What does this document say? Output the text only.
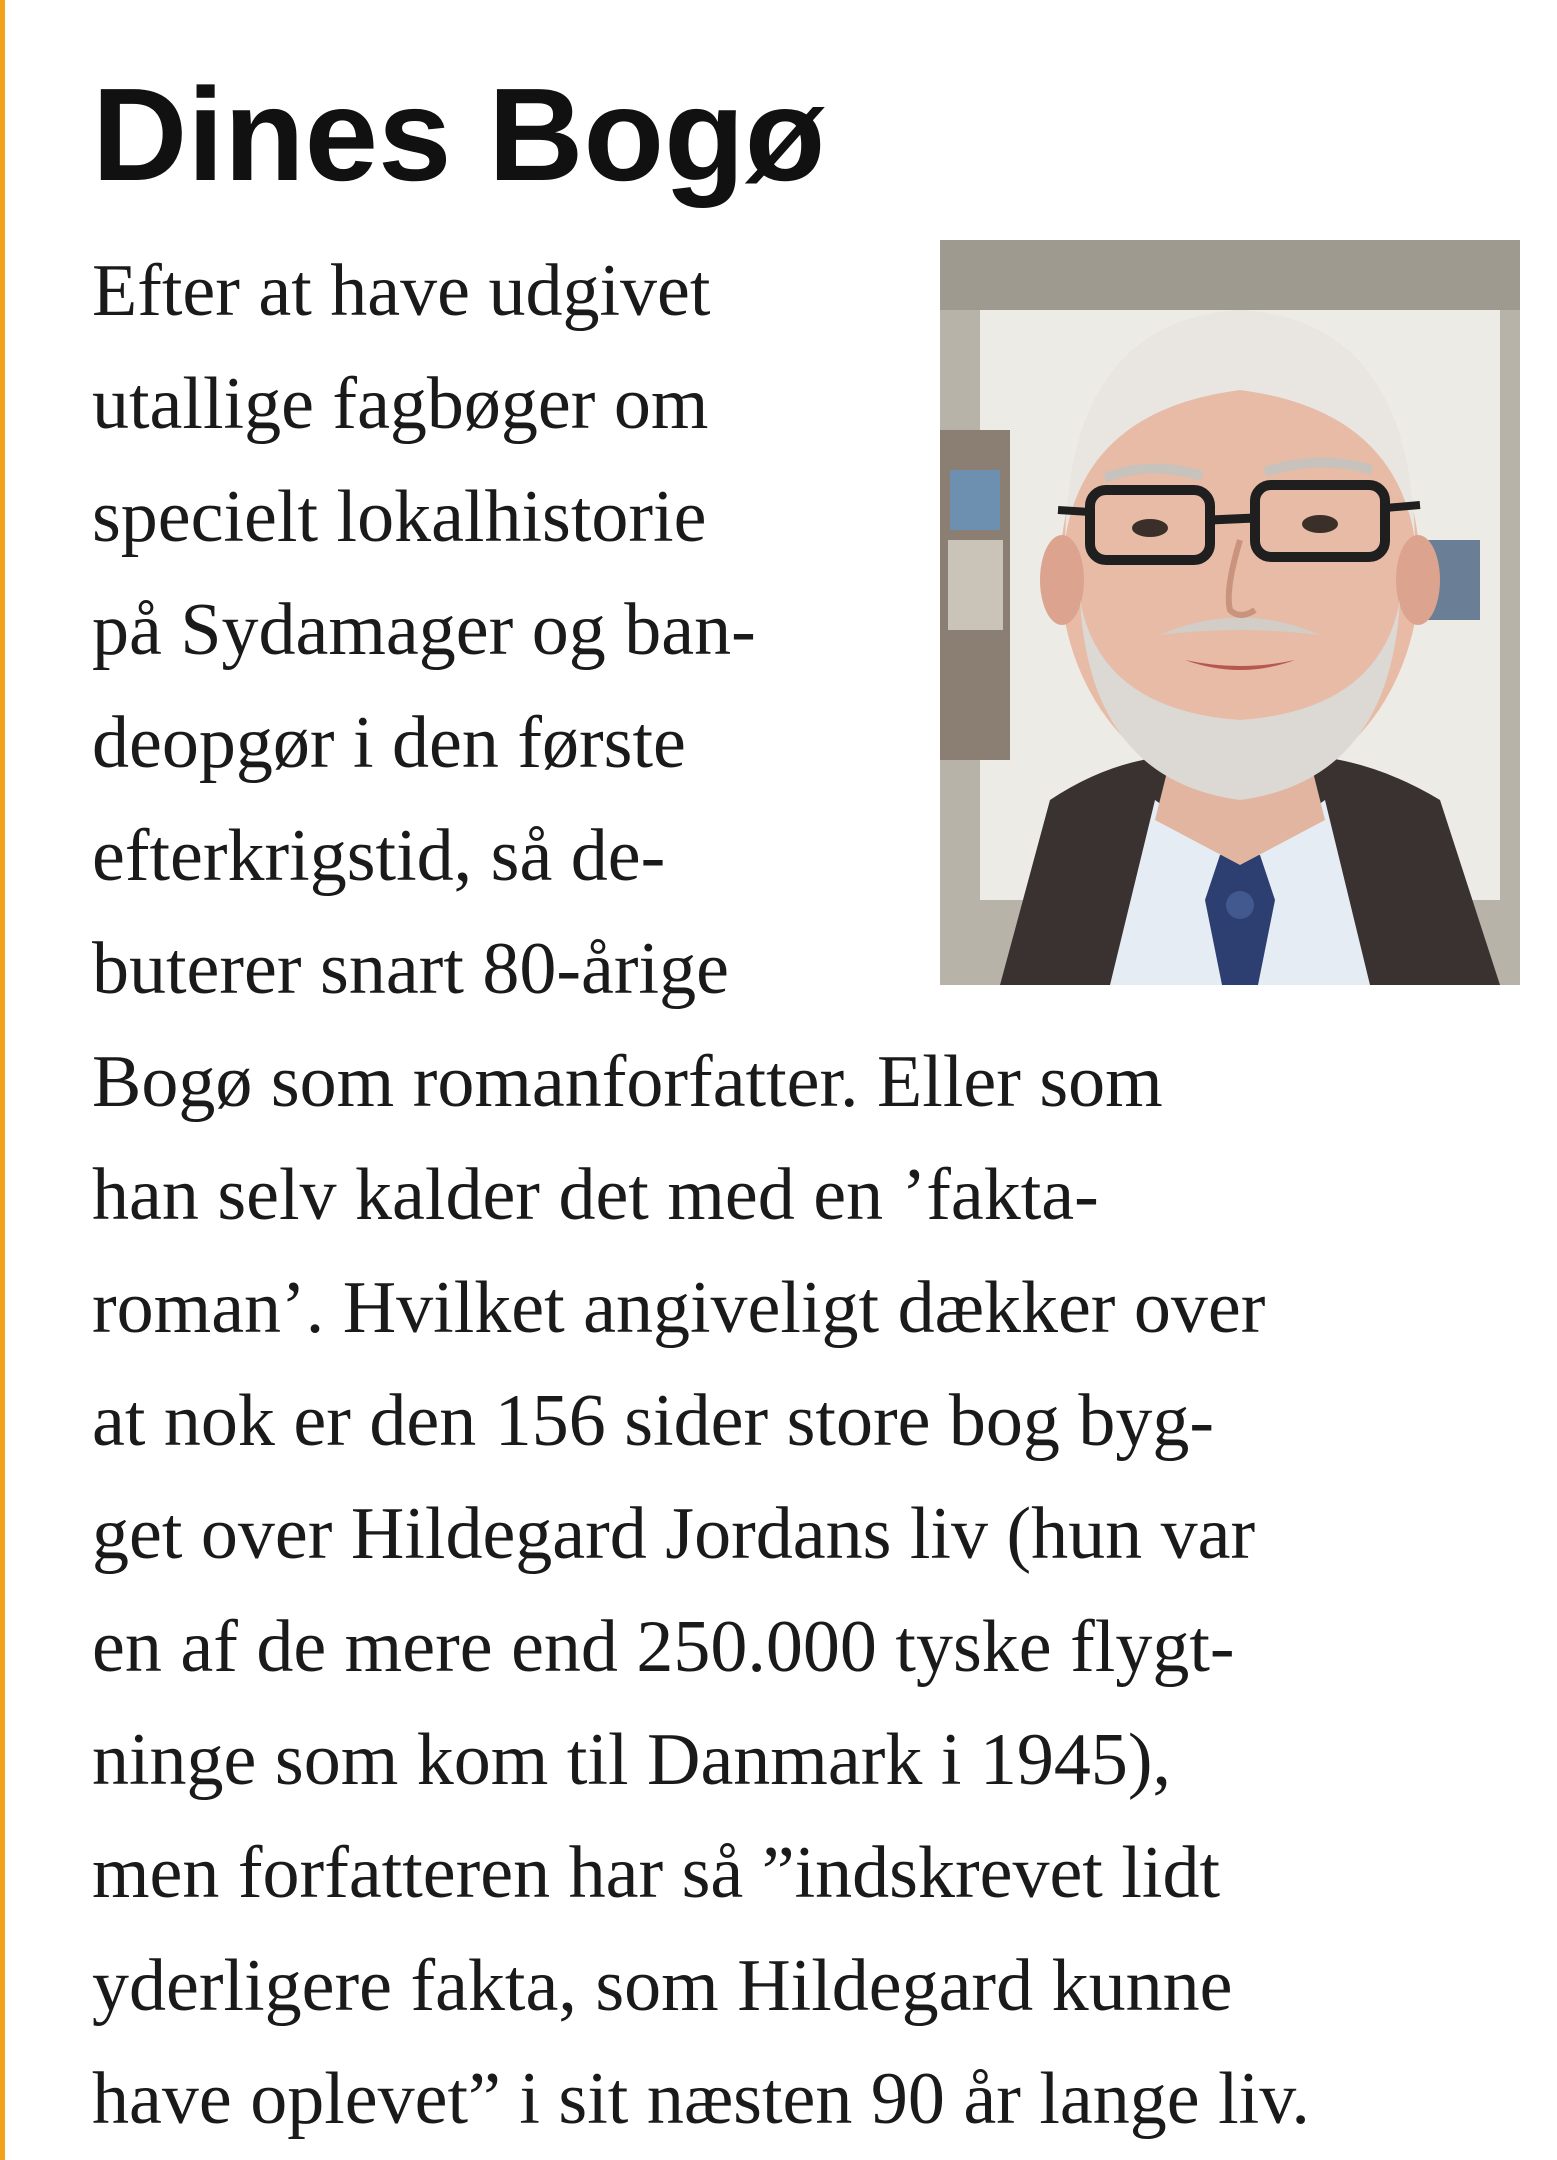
Dines Bogø
Efter at have udgivet
utallige fagbøger om
specielt lokalhistorie
på Sydamager og ban-
deopgør i den første
efterkrigstid, så de-
buterer snart 80-årige
Bogø som romanforfatter. Eller som
han selv kalder det med en ’fakta-
roman’. Hvilket angiveligt dækker over
at nok er den 156 sider store bog byg-
get over Hildegard Jordans liv (hun var
en af de mere end 250.000 tyske flygt-
ninge som kom til Danmark i 1945),
men forfatteren har så ”indskrevet lidt
yderligere fakta, som Hildegard kunne
have oplevet” i sit næsten 90 år lange liv.
